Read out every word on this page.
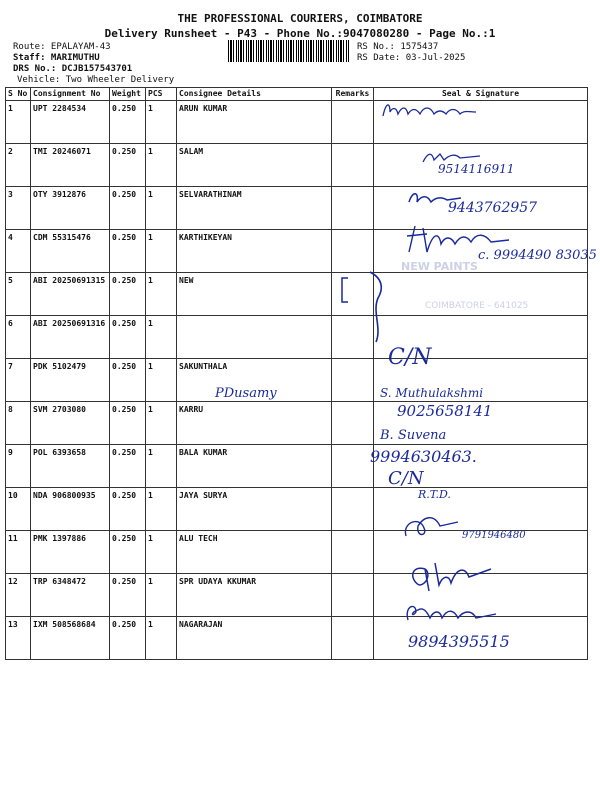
THE PROFESSIONAL COURIERS, COIMBATORE
Delivery Runsheet - P43 - Phone No.:9047080280 - Page No.:1
Route: EPALAYAM-43
Staff: MARIMUTHU
DRS No.: DCJB157543701
Vehicle: Two Wheeler Delivery
RS No.: 1575437
RS Date: 03-Jul-2025
S No	Consignment No	Weight	PCS	Consignee Details	Remarks	Seal & Signature
1	UPT 2284534	0.250	1	ARUN KUMAR		
2	TMI 20246071	0.250	1	SALAM		
3	OTY 3912876	0.250	1	SELVARATHINAM		
4	CDM 55315476	0.250	1	KARTHIKEYAN		
5	ABI 20250691315	0.250	1	NEW		
6	ABI 20250691316	0.250	1			
7	PDK 5102479	0.250	1	SAKUNTHALA		
8	SVM 2703080	0.250	1	KARRU		
9	POL 6393658	0.250	1	BALA KUMAR		
10	NDA 906800935	0.250	1	JAYA SURYA		
11	PMK 1397886	0.250	1	ALU TECH		
12	TRP 6348472	0.250	1	SPR UDAYA KKUMAR		
13	IXM 508568684	0.250	1	NAGARAJAN		
9514116911
9443762957
c. 9994490 83035
NEW PAINTS
COIMBATORE - 641025
C/N
PDusamy	S. Muthulakshmi
9025658141
B. Suvena
9994630463.
C/N
R.T.D.
9791946480
9894395515
